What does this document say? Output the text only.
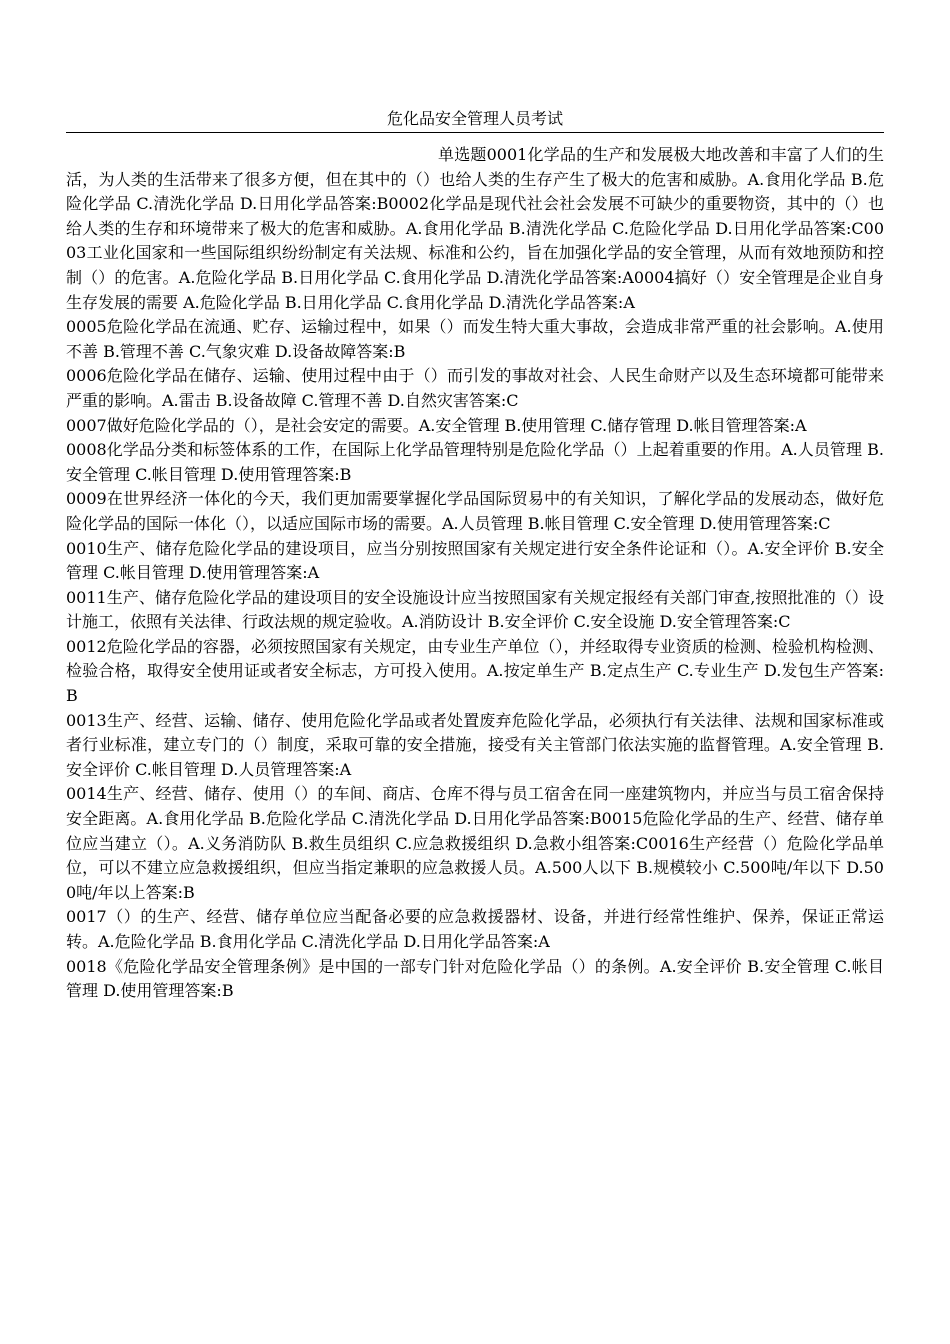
危化品安全管理人员考试

单选题0001化学品的生产和发展极大地改善和丰富了人们的生活，为人类的生活带来了很多方便，但在其中的（）也给人类的生存产生了极大的危害和威胁。A.食用化学品 B.危险化学品 C.清洗化学品 D.日用化学品答案:B0002化学品是现代社会社会发展不可缺少的重要物资，其中的（）也给人类的生存和环境带来了极大的危害和威胁。A.食用化学品 B.清洗化学品 C.危险化学品 D.日用化学品答案:C0003工业化国家和一些国际组织纷纷制定有关法规、标准和公约，旨在加强化学品的安全管理，从而有效地预防和控制（）的危害。A.危险化学品 B.日用化学品 C.食用化学品 D.清洗化学品答案:A0004搞好（）安全管理是企业自身生存发展的需要 A.危险化学品 B.日用化学品 C.食用化学品 D.清洗化学品答案:A

0005危险化学品在流通、贮存、运输过程中，如果（）而发生特大重大事故，会造成非常严重的社会影响。A.使用不善 B.管理不善 C.气象灾难 D.设备故障答案:B

0006危险化学品在储存、运输、使用过程中由于（）而引发的事故对社会、人民生命财产以及生态环境都可能带来严重的影响。A.雷击 B.设备故障 C.管理不善 D.自然灾害答案:C

0007做好危险化学品的（），是社会安定的需要。A.安全管理 B.使用管理 C.储存管理 D.帐目管理答案:A

0008化学品分类和标签体系的工作，在国际上化学品管理特别是危险化学品（）上起着重要的作用。A.人员管理 B.安全管理 C.帐目管理 D.使用管理答案:B

0009在世界经济一体化的今天，我们更加需要掌握化学品国际贸易中的有关知识，了解化学品的发展动态，做好危险化学品的国际一体化（），以适应国际市场的需要。A.人员管理 B.帐目管理 C.安全管理 D.使用管理答案:C

0010生产、储存危险化学品的建设项目，应当分别按照国家有关规定进行安全条件论证和（）。A.安全评价 B.安全管理 C.帐目管理 D.使用管理答案:A

0011生产、储存危险化学品的建设项目的安全设施设计应当按照国家有关规定报经有关部门审查,按照批准的（）设计施工，依照有关法律、行政法规的规定验收。A.消防设计 B.安全评价 C.安全设施 D.安全管理答案:C

0012危险化学品的容器，必须按照国家有关规定，由专业生产单位（），并经取得专业资质的检测、检验机构检测、检验合格，取得安全使用证或者安全标志，方可投入使用。A.按定单生产 B.定点生产 C.专业生产 D.发包生产答案:B

0013生产、经营、运输、储存、使用危险化学品或者处置废弃危险化学品，必须执行有关法律、法规和国家标准或者行业标准，建立专门的（）制度，采取可靠的安全措施，接受有关主管部门依法实施的监督管理。A.安全管理 B.安全评价 C.帐目管理 D.人员管理答案:A

0014生产、经营、储存、使用（）的车间、商店、仓库不得与员工宿舍在同一座建筑物内，并应当与员工宿舍保持安全距离。A.食用化学品 B.危险化学品 C.清洗化学品 D.日用化学品答案:B0015危险化学品的生产、经营、储存单位应当建立（）。A.义务消防队 B.救生员组织 C.应急救援组织 D.急救小组答案:C0016生产经营（）危险化学品单位，可以不建立应急救援组织，但应当指定兼职的应急救援人员。A.500人以下 B.规模较小 C.500吨/年以下 D.500吨/年以上答案:B

0017（）的生产、经营、储存单位应当配备必要的应急救援器材、设备，并进行经常性维护、保养，保证正常运转。A.危险化学品 B.食用化学品 C.清洗化学品 D.日用化学品答案:A

0018《危险化学品安全管理条例》是中国的一部专门针对危险化学品（）的条例。A.安全评价 B.安全管理 C.帐目管理 D.使用管理答案:B
